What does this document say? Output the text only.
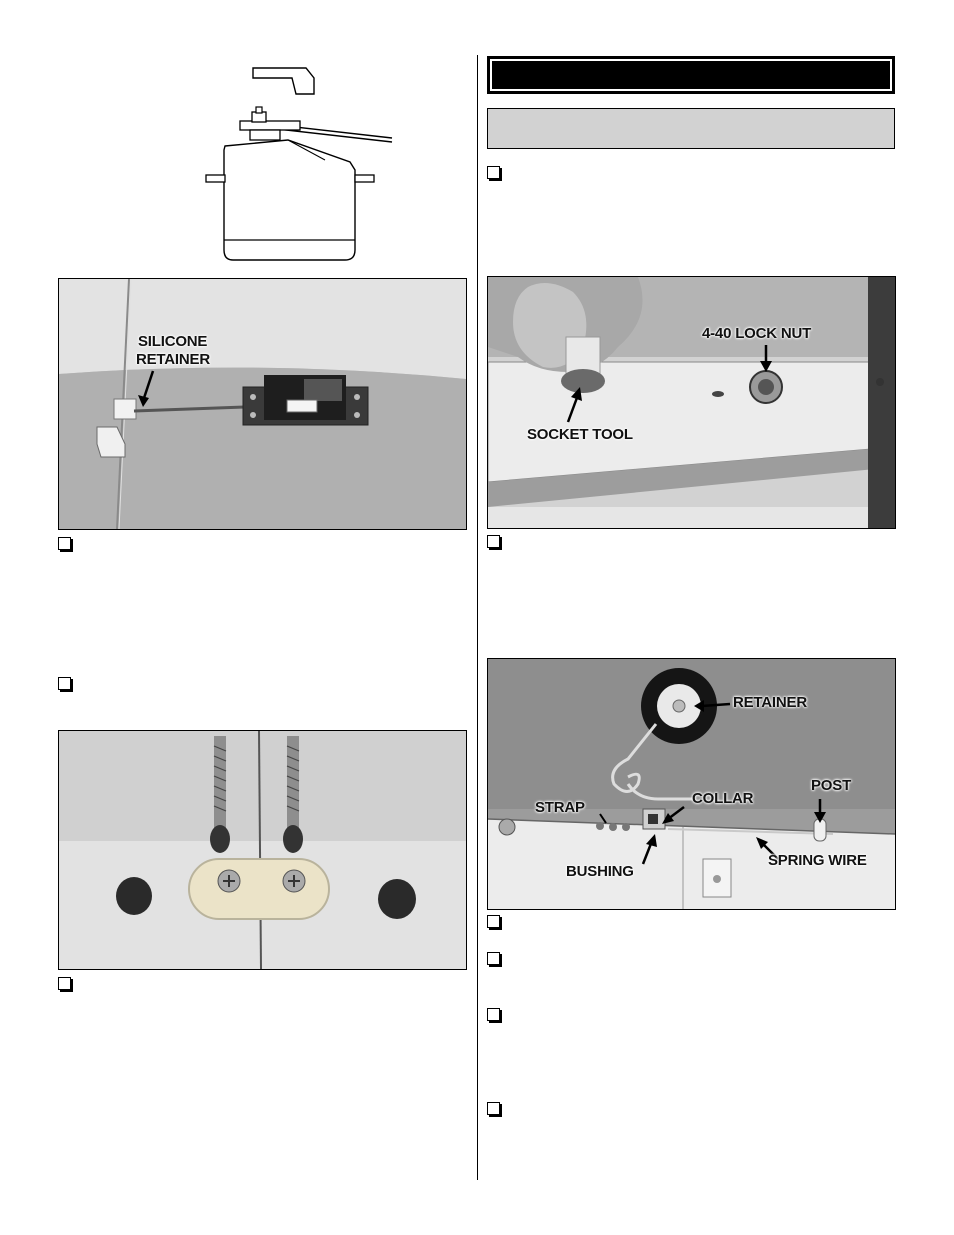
SILICONE
RETAINER
4-40 LOCK NUT
SOCKET TOOL
RETAINER
COLLAR
STRAP
POST
BUSHING
SPRING WIRE
